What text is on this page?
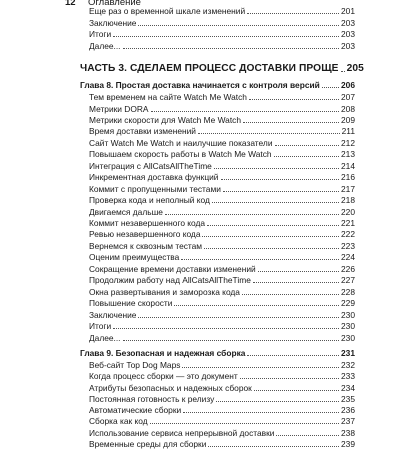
12 Оглавление
Еще раз о временной шкале изменений	201
Заключение	203
Итоги	203
Далее...	203
ЧАСТЬ 3. СДЕЛАЕМ ПРОЦЕСС ДОСТАВКИ ПРОЩЕ 205
Глава 8. Простая доставка начинается с контроля версий	206
Тем временем на сайте Watch Me Watch	207
Метрики DORA	208
Метрики скорости для Watch Me Watch	209
Время доставки изменений	211
Сайт Watch Me Watch и наилучшие показатели	212
Повышаем скорость работы в Watch Me Watch	213
Интеграция с AllCatsAllTheTime	214
Инкрементная доставка функций	216
Коммит с пропущенными тестами	217
Проверка кода и неполный код	218
Двигаемся дальше	220
Коммит незавершенного кода	221
Ревью незавершенного кода	222
Вернемся к сквозным тестам	223
Оценим преимущества	224
Сокращение времени доставки изменений	226
Продолжим работу над AllCatsAllTheTime	227
Окна развертывания и заморозка кода	228
Повышение скорости	229
Заключение	230
Итоги	230
Далее...	230
Глава 9. Безопасная и надежная сборка	231
Веб-сайт Top Dog Maps	232
Когда процесс сборки — это документ	233
Атрибуты безопасных и надежных сборок	234
Постоянная готовность к релизу	235
Автоматические сборки	236
Сборка как код	237
Использование сервиса непрерывной доставки	238
Временные среды для сборки	239
